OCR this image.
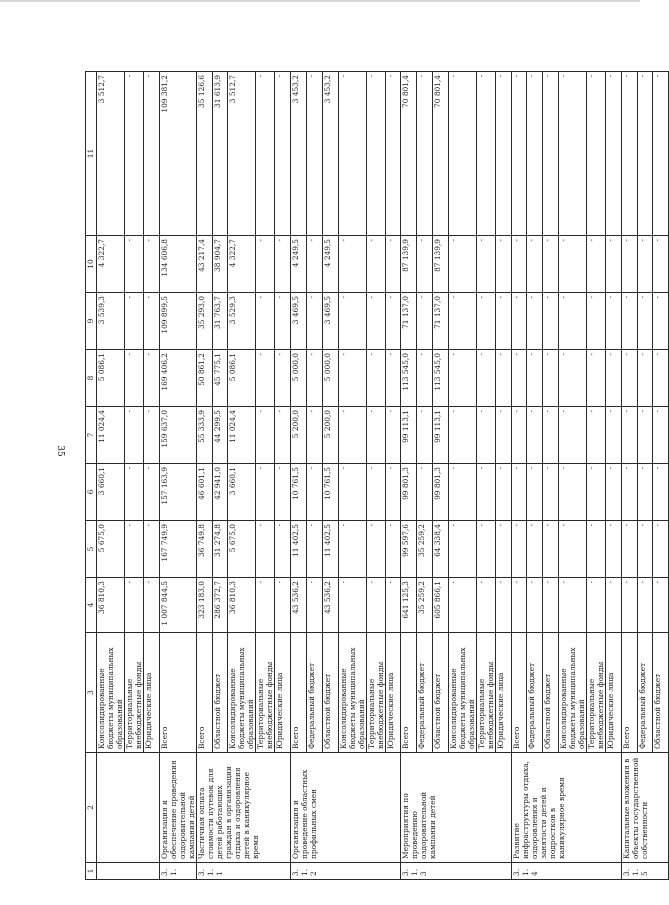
35
1	2	3	4	5	6	7	8	9	10	11
		Консолидированные бюджеты муниципальных образований	36 810,3	5 675,0	3 660,1	11 024,4	5 086,1	3 539,3	4 322,7	3 512,7
		Территориальные внебюджетные фонды	-	-	-	-	-	-	-	-
		Юридические лица	-	-	-	-	-	-	-	-
3.1.	Организация и обеспечение проведения оздоровительной кампании детей	Всего	1 007 844,5	167 749,9	157 163,9	159 637,0	169 406,2	109 899,5	134 606,8	109 381,2
3.1.1	Частичная оплата стоимости путевок для детей работающих граждан в организации отдыха и оздоровления детей в каникулярное время	Всего	323 183,0	36 749,8	46 601,1	55 333,9	50 861,2	35 293,0	43 217,4	35 126,6
		Областной бюджет	286 372,7	31 274,8	42 941,0	44 299,5	45 775,1	31 763,7	38 904,7	31 613,9
		Консолидированные бюджеты муниципальных образований	36 810,3	5 675,0	3 660,1	11 024,4	5 086,1	3 529,3	4 322,7	3 512,7
		Территориальные внебюджетные фонды	-	-	-	-	-	-	-	-
		Юридические лица	-	-	-	-	-	-	-	-
3.1.2	Организация и проведение областных профильных смен	Всего	43 536,2	11 402,5	10 761,5	5 200,0	5 000,0	3 469,5	4 249,5	3 453,2
		Федеральный бюджет	-	-	-	-	-	-	-	-
		Областной бюджет	43 536,2	11 402,5	10 761,5	5 200,0	5 000,0	3 469,5	4 249,5	3 453,2
		Консолидированные бюджеты муниципальных образований	-	-	-	-	-	-	-	-
		Территориальные внебюджетные фонды	-	-	-	-	-	-	-	-
		Юридические лица	-	-	-	-	-	-	-	-
3.1.3	Мероприятия по проведению оздоровительной кампании детей	Всего	641 125,3	99 597,6	99 801,3	99 113,1	113 545,0	71 137,0	87 139,9	70 801,4
		Федеральный бюджет	35 259,2	35 259,2	-	-	-	-	-	-
		Областной бюджет	605 866,1	64 338,4	99 801,3	99 113,1	113 545,0	71 137,0	87 139,9	70 801,4
		Консолидированные бюджеты муниципальных образований	-	-	-	-	-	-	-	-
		Территориальные внебюджетные фонды	-	-	-	-	-	-	-	-
		Юридические лица	-	-	-	-	-	-	-	-
3.1.4	Развитие инфраструктуры отдыха, оздоровления и занятости детей и подростков в каникулярное время	Всего	-	-	-	-	-	-	-	-
		Федеральный бюджет	-	-	-	-	-	-	-	-
		Областной бюджет	-	-	-	-	-	-	-	-
		Консолидированные бюджеты муниципальных образований	-	-	-	-	-	-	-	-
		Территориальные внебюджетные фонды	-	-	-	-	-	-	-	-
		Юридические лица	-	-	-	-	-	-	-	-
3.1.5	Капитальные вложения в объекты государственной собственности	Всего	-	-	-	-	-	-	-	-
		Федеральный бюджет	-	-	-	-	-	-	-	-
		Областной бюджет	-	-	-	-	-	-	-	-
